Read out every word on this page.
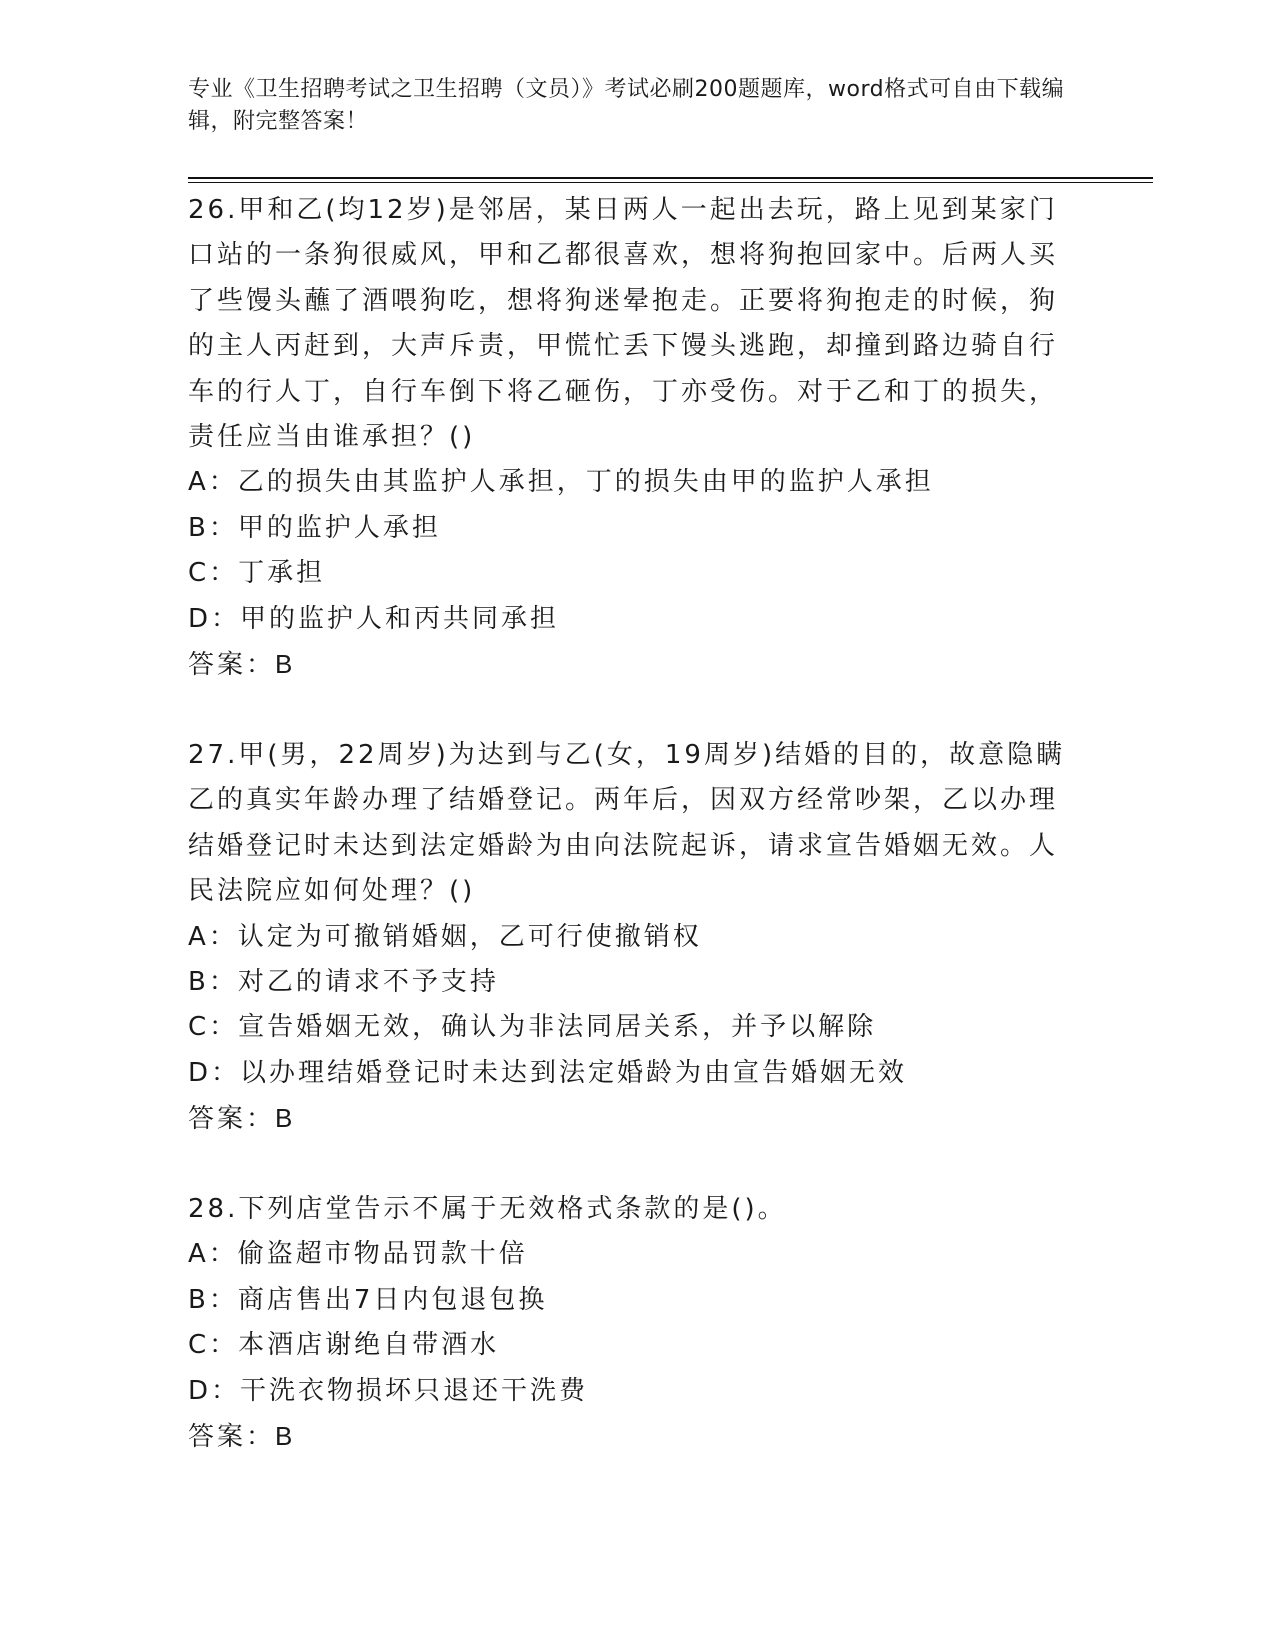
专业《卫生招聘考试之卫生招聘（文员）》考试必刷200题题库，word格式可自由下载编辑，附完整答案！
26.甲和乙(均12岁)是邻居，某日两人一起出去玩，路上见到某家门口站的一条狗很威风，甲和乙都很喜欢，想将狗抱回家中。后两人买了些馒头蘸了酒喂狗吃，想将狗迷晕抱走。正要将狗抱走的时候，狗的主人丙赶到，大声斥责，甲慌忙丢下馒头逃跑，却撞到路边骑自行车的行人丁，自行车倒下将乙砸伤，丁亦受伤。对于乙和丁的损失，责任应当由谁承担？()
A：乙的损失由其监护人承担，丁的损失由甲的监护人承担
B：甲的监护人承担
C：丁承担
D：甲的监护人和丙共同承担
答案：B
27.甲(男，22周岁)为达到与乙(女，19周岁)结婚的目的，故意隐瞒乙的真实年龄办理了结婚登记。两年后，因双方经常吵架，乙以办理结婚登记时未达到法定婚龄为由向法院起诉，请求宣告婚姻无效。人民法院应如何处理？()
A：认定为可撤销婚姻，乙可行使撤销权
B：对乙的请求不予支持
C：宣告婚姻无效，确认为非法同居关系，并予以解除
D：以办理结婚登记时未达到法定婚龄为由宣告婚姻无效
答案：B
28.下列店堂告示不属于无效格式条款的是()。
A：偷盗超市物品罚款十倍
B：商店售出7日内包退包换
C：本酒店谢绝自带酒水
D：干洗衣物损坏只退还干洗费
答案：B
